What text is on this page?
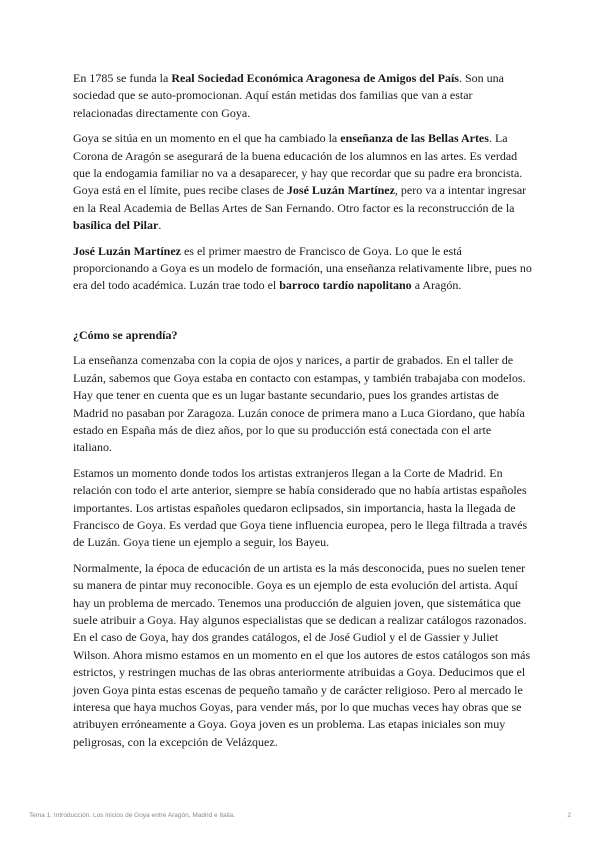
En 1785 se funda la Real Sociedad Económica Aragonesa de Amigos del País. Son una sociedad que se auto-promocionan. Aquí están metidas dos familias que van a estar relacionadas directamente con Goya.

Goya se sitúa en un momento en el que ha cambiado la enseñanza de las Bellas Artes. La Corona de Aragón se asegurará de la buena educación de los alumnos en las artes. Es verdad que la endogamia familiar no va a desaparecer, y hay que recordar que su padre era broncista. Goya está en el límite, pues recibe clases de José Luzán Martínez, pero va a intentar ingresar en la Real Academia de Bellas Artes de San Fernando. Otro factor es la reconstrucción de la basílica del Pilar.

José Luzán Martínez es el primer maestro de Francisco de Goya. Lo que le está proporcionando a Goya es un modelo de formación, una enseñanza relativamente libre, pues no era del todo académica. Luzán trae todo el barroco tardío napolitano a Aragón.

¿Cómo se aprendía?

La enseñanza comenzaba con la copia de ojos y narices, a partir de grabados. En el taller de Luzán, sabemos que Goya estaba en contacto con estampas, y también trabajaba con modelos. Hay que tener en cuenta que es un lugar bastante secundario, pues los grandes artistas de Madrid no pasaban por Zaragoza. Luzán conoce de primera mano a Luca Giordano, que había estado en España más de diez años, por lo que su producción está conectada con el arte italiano.

Estamos un momento donde todos los artistas extranjeros llegan a la Corte de Madrid. En relación con todo el arte anterior, siempre se había considerado que no había artistas españoles importantes. Los artistas españoles quedaron eclipsados, sin importancia, hasta la llegada de Francisco de Goya. Es verdad que Goya tiene influencia europea, pero le llega filtrada a través de Luzán. Goya tiene un ejemplo a seguir, los Bayeu.

Normalmente, la época de educación de un artista es la más desconocida, pues no suelen tener su manera de pintar muy reconocible. Goya es un ejemplo de esta evolución del artista. Aquí hay un problema de mercado. Tenemos una producción de alguien joven, que sistemática que suele atribuir a Goya. Hay algunos especialistas que se dedican a realizar catálogos razonados. En el caso de Goya, hay dos grandes catálogos, el de José Gudiol y el de Gassier y Juliet Wilson. Ahora mismo estamos en un momento en el que los autores de estos catálogos son más estrictos, y restringen muchas de las obras anteriormente atribuidas a Goya. Deducimos que el joven Goya pinta estas escenas de pequeño tamaño y de carácter religioso. Pero al mercado le interesa que haya muchos Goyas, para vender más, por lo que muchas veces hay obras que se atribuyen erróneamente a Goya. Goya joven es un problema. Las etapas iniciales son muy peligrosas, con la excepción de Velázquez.

Tema 1. Introducción. Los inicios de Goya entre Aragón, Madrid e Italia.	2
